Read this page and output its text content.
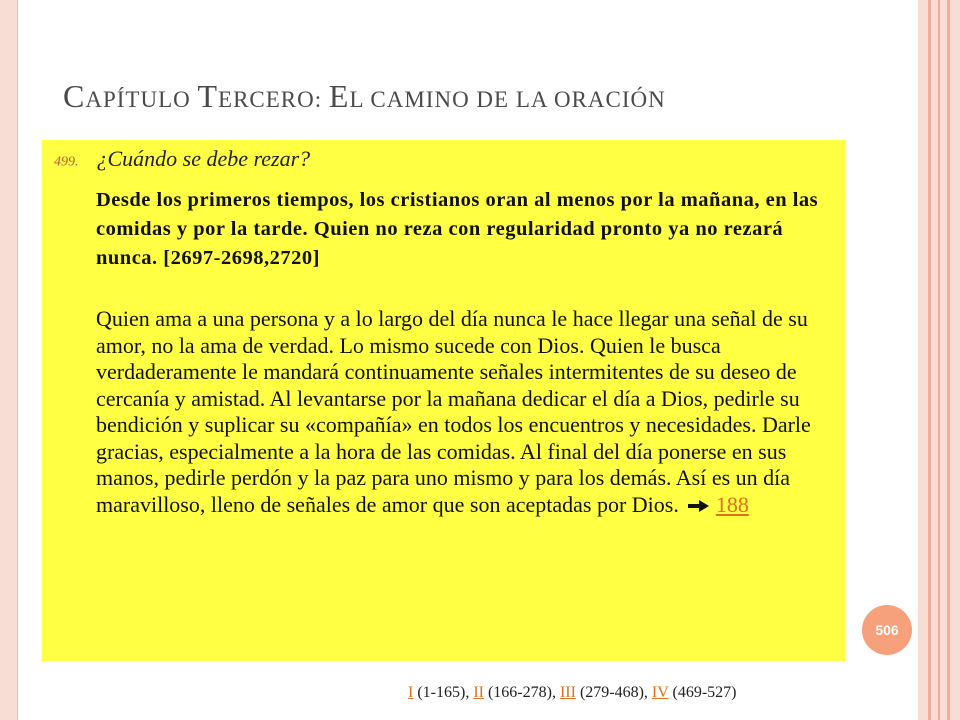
CAPÍTULO TERCERO: EL CAMINO DE LA ORACIÓN
499. ¿Cuándo se debe rezar?

Desde los primeros tiempos, los cristianos oran al menos por la mañana, en las comidas y por la tarde. Quien no reza con regularidad pronto ya no rezará nunca. [2697-2698,2720]

Quien ama a una persona y a lo largo del día nunca le hace llegar una señal de su amor, no la ama de verdad. Lo mismo sucede con Dios. Quien le busca verdaderamente le mandará continuamente señales intermitentes de su deseo de cercanía y amistad. Al levantarse por la mañana dedicar el día a Dios, pedirle su bendición y suplicar su «compañía» en todos los encuentros y necesidades. Darle gracias, especialmente a la hora de las comidas. Al final del día ponerse en sus manos, pedirle perdón y la paz para uno mismo y para los demás. Así es un día maravilloso, lleno de señales de amor que son aceptadas por Dios. 188

506
I (1-165), II (166-278), III (279-468), IV (469-527)
